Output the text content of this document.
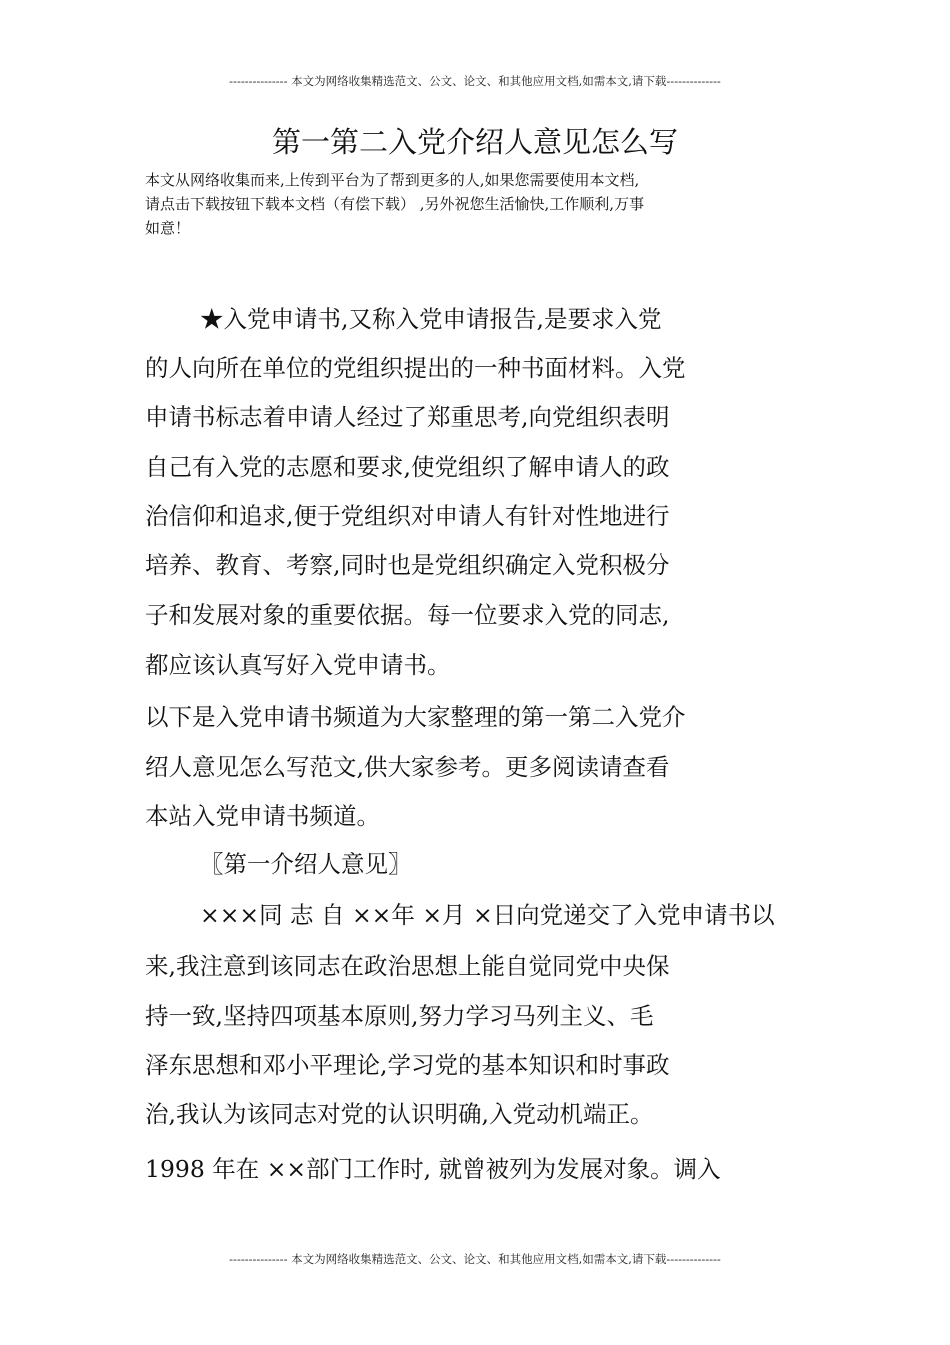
--------------- 本文为网络收集精选范文、公文、论文、和其他应用文档,如需本文,请下载--------------
第一第二入党介绍人意见怎么写
本文从网络收集而来,上传到平台为了帮到更多的人,如果您需要使用本文档,
请点击下载按钮下载本文档（有偿下载） ,另外祝您生活愉快,工作顺利,万事
如意！
★入党申请书,又称入党申请报告,是要求入党
的人向所在单位的党组织提出的一种书面材料。入党
申请书标志着申请人经过了郑重思考,向党组织表明
自己有入党的志愿和要求,使党组织了解申请人的政
治信仰和追求,便于党组织对申请人有针对性地进行
培养、教育、考察,同时也是党组织确定入党积极分
子和发展对象的重要依据。每一位要求入党的同志,
都应该认真写好入党申请书。
以下是入党申请书频道为大家整理的第一第二入党介
绍人意见怎么写范文,供大家参考。更多阅读请查看
本站入党申请书频道。
〖第一介绍人意见〗
×××同 志 自 ××年 ×月 ×日向党递交了入党申请书以
来,我注意到该同志在政治思想上能自觉同党中央保
持一致,坚持四项基本原则,努力学习马列主义、毛
泽东思想和邓小平理论,学习党的基本知识和时事政
治,我认为该同志对党的认识明确,入党动机端正。
1998 年在 ××部门工作时, 就曾被列为发展对象。调入
--------------- 本文为网络收集精选范文、公文、论文、和其他应用文档,如需本文,请下载--------------
